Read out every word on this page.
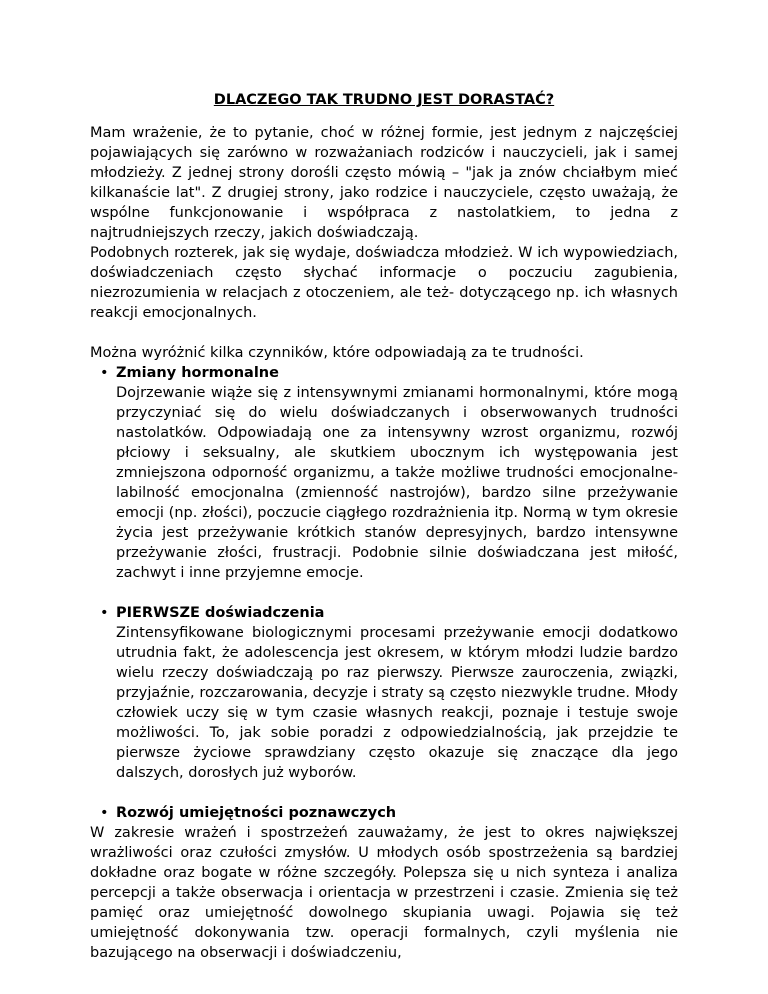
DLACZEGO TAK TRUDNO JEST DORASTAĆ?

Mam wrażenie, że to pytanie, choć w różnej formie, jest jednym z najczęściej pojawiających się zarówno w rozważaniach rodziców i nauczycieli, jak i samej młodzieży. Z jednej strony dorośli często mówią – "jak ja znów chciałbym mieć kilkanaście lat". Z drugiej strony, jako rodzice i nauczyciele, często uważają, że wspólne funkcjonowanie i współpraca z nastolatkiem, to jedna z najtrudniejszych rzeczy, jakich doświadczają.

Podobnych rozterek, jak się wydaje, doświadcza młodzież. W ich wypowiedziach, doświadczeniach często słychać informacje o poczuciu zagubienia, niezrozumienia w relacjach z otoczeniem, ale też- dotyczącego np. ich własnych reakcji emocjonalnych.

Można wyróżnić kilka czynników, które odpowiadają za te trudności.

• Zmiany hormonalne

Dojrzewanie wiąże się z intensywnymi zmianami hormonalnymi, które mogą przyczyniać się do wielu doświadczanych i obserwowanych trudności nastolatków. Odpowiadają one za intensywny wzrost organizmu, rozwój płciowy i seksualny, ale skutkiem ubocznym ich występowania jest zmniejszona odporność organizmu, a także możliwe trudności emocjonalne- labilność emocjonalna (zmienność nastrojów), bardzo silne przeżywanie emocji (np. złości), poczucie ciągłego rozdrażnienia itp. Normą w tym okresie życia jest przeżywanie krótkich stanów depresyjnych, bardzo intensywne przeżywanie złości, frustracji. Podobnie silnie doświadczana jest miłość, zachwyt i inne przyjemne emocje.

• PIERWSZE doświadczenia

Zintensyfikowane biologicznymi procesami przeżywanie emocji dodatkowo utrudnia fakt, że adolescencja jest okresem, w którym młodzi ludzie bardzo wielu rzeczy doświadczają po raz pierwszy. Pierwsze zauroczenia, związki, przyjaźnie, rozczarowania, decyzje i straty są często niezwykle trudne. Młody człowiek uczy się w tym czasie własnych reakcji, poznaje i testuje swoje możliwości. To, jak sobie poradzi z odpowiedzialnością, jak przejdzie te pierwsze życiowe sprawdziany często okazuje się znaczące dla jego dalszych, dorosłych już wyborów.

• Rozwój umiejętności poznawczych

W zakresie wrażeń i spostrzeżeń zauważamy, że jest to okres największej wrażliwości oraz czułości zmysłów. U młodych osób spostrzeżenia są bardziej dokładne oraz bogate w różne szczegóły. Polepsza się u nich synteza i analiza percepcji a także obserwacja i orientacja w przestrzeni i czasie. Zmienia się też pamięć oraz umiejętność dowolnego skupiania uwagi. Pojawia się też umiejętność dokonywania tzw. operacji formalnych, czyli myślenia nie bazującego na obserwacji i doświadczeniu,
